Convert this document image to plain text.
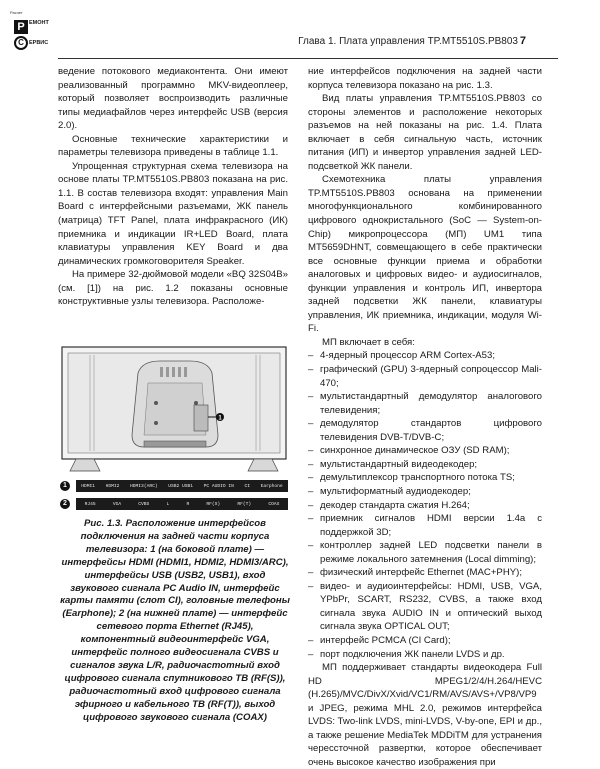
Расчет
Р ЕМОНТ
С ЕРВИС	Глава 1. Плата управления TP.MT5510S.PB803 7

ведение потокового медиаконтента. Они имеют реализованный программно MKV-видеоплеер, который позволяет воспроизводить различные типы медиафайлов через интерфейс USB (версия 2.0).

Основные технические характеристики и параметры телевизора приведены в таблице 1.1.

Упрощенная структурная схема телевизора на основе платы TP.MT5510S.PB803 показана на рис. 1.1. В состав телевизора входят: управления Main Board с интерфейсными разъемами, ЖК панель (матрица) TFT Panel, плата инфракрасного (ИК) приемника и индикации IR+LED Board, плата клавиатуры управления KEY Board и два динамических громкоговорителя Speaker.

На примере 32-дюймовой модели «BQ 32S04B» (см. [1]) на рис. 1.2 показаны основные конструктивные узлы телевизора. Расположе-

1
1	HDMI1 HDMI2 HDMI3(ARC) USB2 USB1 PC AUDIO IN CI Earphone
2	RJ45	VGA	CVBS	L	R	RF(S)	RF(T)	COAX
Рис. 1.3. Расположение интерфейсов подключения на задней части корпуса телевизора: 1 (на боковой плате) — интерфейсы HDMI (HDMI1, HDMI2, HDMI3/ARC), интерфейсы USB (USB2, USB1), вход звукового сигнала PC Audio IN, интерфейс карты памяти (слот CI), головные телефоны (Earphone); 2 (на нижней плате) — интерфейс сетевого порта Ethernet (RJ45), компонентный видеоинтерфейс VGA, интерфейс полного видеосигнала CVBS и сигналов звука L/R, радиочастотный вход цифрового сигнала спутникового ТВ (RF(S)), радиочастотный вход цифрового сигнала эфирного и кабельного ТВ (RF(T)), выход цифрового звукового сигнала (COAX)

ние интерфейсов подключения на задней части корпуса телевизора показано на рис. 1.3.

Вид платы управления TP.MT5510S.PB803 со стороны элементов и расположение некоторых разъемов на ней показаны на рис. 1.4. Плата включает в себя сигнальную часть, источник питания (ИП) и инвертор управления задней LED-подсветкой ЖК панели.

Схемотехника платы управления TP.MT5510S.PB803 основана на применении многофункционального комбинированного цифрового однокристального (SoC — System-on-Chip) микропроцессора (МП) UM1 типа MT5659DHNT, совмещающего в себе практически все основные функции приема и обработки аналоговых и цифровых видео- и аудиосигналов, функции управления и контроль ИП, инвертора задней подсветки ЖК панели, клавиатуры управления, ИК приемника, индикации, модуля Wi-Fi.

МП включает в себя:

– 4-ядерный процессор ARM Cortex-A53;
– графический (GPU) 3-ядерный сопроцессор Mali-470;
– мультистандартный демодулятор аналогового телевидения;
– демодулятор стандартов цифрового телевидения DVB-T/DVB-C;
– синхронное динамическое ОЗУ (SD RAM);
– мультистандартный видеодекодер;
– демультиплексор транспортного потока TS;
– мультиформатный аудиодекодер;
– декодер стандарта сжатия H.264;
– приемник сигналов HDMI версии 1.4a с поддержкой 3D;
– контроллер задней LED подсветки панели в режиме локального затемнения (Local dimming);
– физический интерфейс Ethernet (MAC+PHY);
– видео- и аудиоинтерфейсы: HDMI, USB, VGA, YPbPr, SCART, RS232, CVBS, а также вход сигнала звука AUDIO IN и оптический выход сигнала звука OPTICAL OUT;
– интерфейс PCMCA (CI Card);
– порт подключения ЖК панели LVDS и др.

МП поддерживает стандарты видеокодера Full HD MPEG1/2/4/H.264/HEVC (H.265)/MVC/DivX/Xvid/VC1/RM/AVS/AVS+/VP8/VP9 и JPEG, режима MHL 2.0, режимов интерфейса LVDS: Two-link LVDS, mini-LVDS, V-by-one, EPI и др., а также решение MediaTek MDDiTM для устранения черессточной развертки, которое обеспечивает очень высокое качество изображения при
